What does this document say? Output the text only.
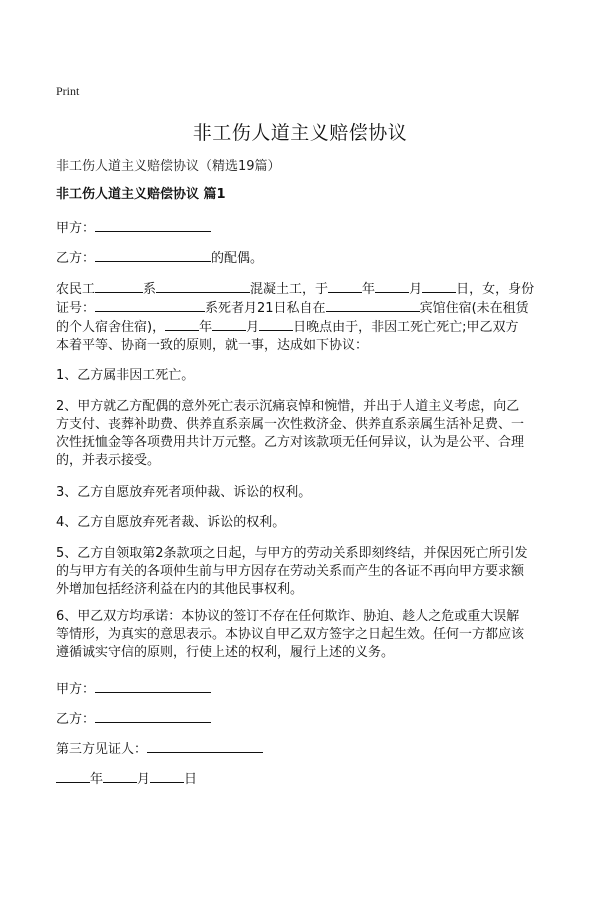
Print
非工伤人道主义赔偿协议
非工伤人道主义赔偿协议（精选19篇）
非工伤人道主义赔偿协议 篇1
甲方：
乙方：	的配偶。
农民工	系	混凝土工，于	年	月	日，女，身份
证号：	系死者月21日私自在	宾馆住宿(未在租赁
的个人宿舍住宿)，	年	月	日晚点由于，非因工死亡死亡;甲乙双方
本着平等、协商一致的原则，就一事，达成如下协议：
1、乙方属非因工死亡。
2、甲方就乙方配偶的意外死亡表示沉痛哀悼和惋惜，并出于人道主义考虑，向乙
方支付、丧葬补助费、供养直系亲属一次性救济金、供养直系亲属生活补足费、一
次性抚恤金等各项费用共计万元整。乙方对该款项无任何异议，认为是公平、合理
的，并表示接受。
3、乙方自愿放弃死者项仲裁、诉讼的权利。
4、乙方自愿放弃死者裁、诉讼的权利。
5、乙方自领取第2条款项之日起，与甲方的劳动关系即刻终结，并保因死亡所引发
的与甲方有关的各项仲生前与甲方因存在劳动关系而产生的各证不再向甲方要求额
外增加包括经济利益在内的其他民事权利。
6、甲乙双方均承诺：本协议的签订不存在任何欺诈、胁迫、趁人之危或重大误解
等情形，为真实的意思表示。本协议自甲乙双方签字之日起生效。任何一方都应该
遵循诚实守信的原则，行使上述的权利，履行上述的义务。
甲方：
乙方：
第三方见证人：
年	月	日
